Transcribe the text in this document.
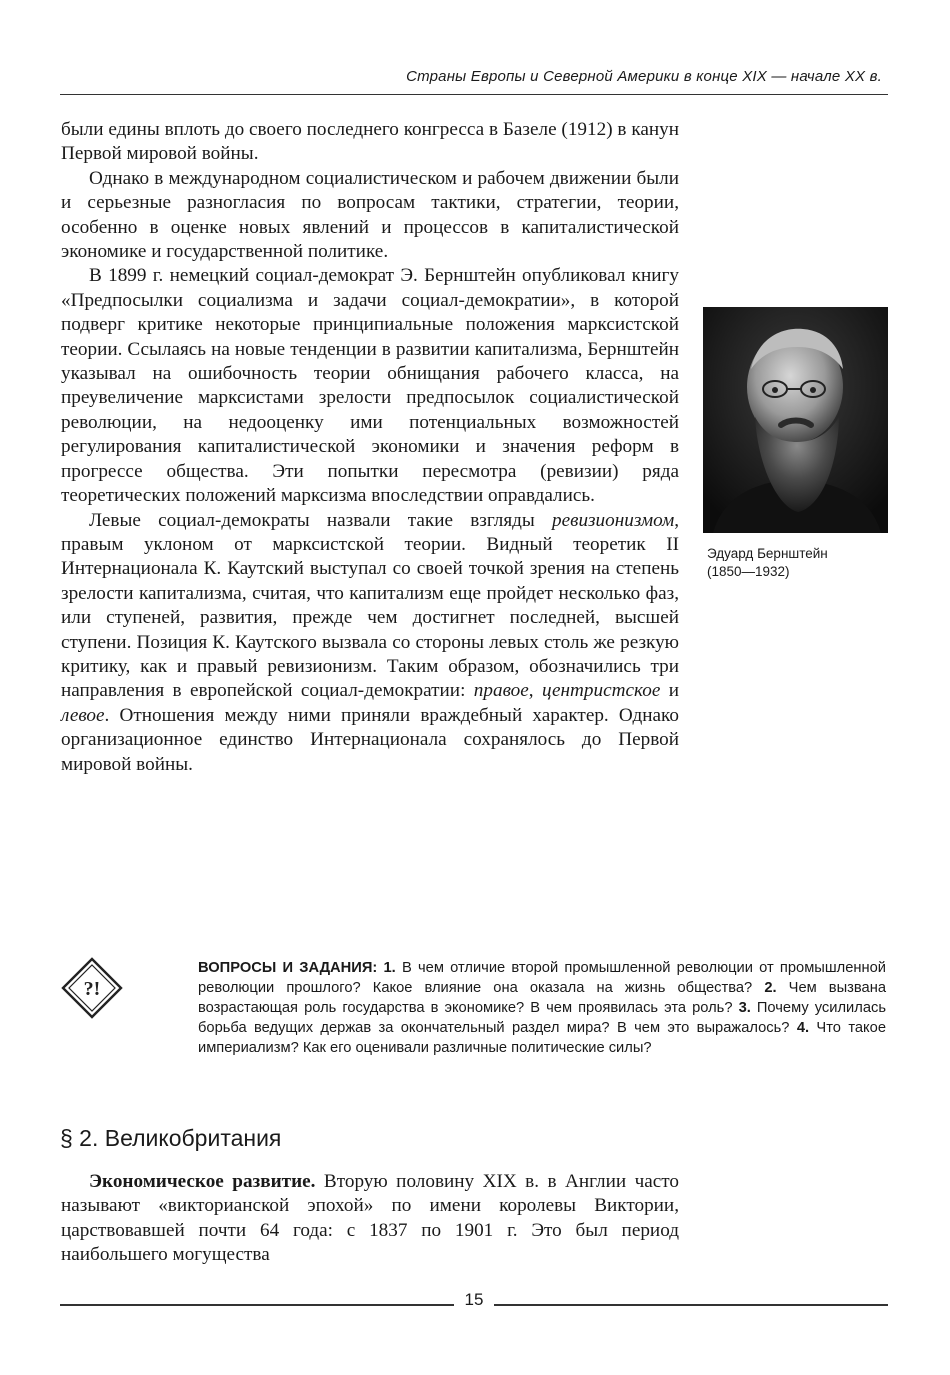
Страны Европы и Северной Америки в конце XIX — начале XX в.

были едины вплоть до своего последнего конгресса в Базеле (1912) в канун Первой мировой войны.

Однако в международном социалистическом и рабочем движении были и серьезные разногласия по вопросам тактики, стратегии, теории, особенно в оценке новых явлений и процессов в капиталистической экономике и государственной политике.

В 1899 г. немецкий социал-демократ Э. Бернштейн опубликовал книгу «Предпосылки социализма и задачи социал-демократии», в которой подверг критике некоторые принципиальные положения марксистской теории. Ссылаясь на новые тенденции в развитии капитализма, Бернштейн указывал на ошибочность теории обнищания рабочего класса, на преувеличение марксистами зрелости предпосылок социалистической революции, на недооценку ими потенциальных возможностей регулирования капиталистической экономики и значения реформ в прогрессе общества. Эти попытки пересмотра (ревизии) ряда теоретических положений марксизма впоследствии оправдались.

Левые социал-демократы назвали такие взгляды ревизионизмом, правым уклоном от марксистской теории. Видный теоретик II Интернационала К. Каутский выступал со своей точкой зрения на степень зрелости капитализма, считая, что капитализм еще пройдет несколько фаз, или ступеней, развития, прежде чем достигнет последней, высшей ступени. Позиция К. Каутского вызвала со стороны левых столь же резкую критику, как и правый ревизионизм. Таким образом, обозначились три направления в европейской социал-демократии: правое, центристское и левое. Отношения между ними приняли враждебный характер. Однако организационное единство Интернационала сохранялось до Первой мировой войны.

Эдуард Бернштейн
(1850—1932)
?!
ВОПРОСЫ И ЗАДАНИЯ: 1. В чем отличие второй промышленной революции от промышленной революции прошлого? Какое влияние она оказала на жизнь общества? 2. Чем вызвана возрастающая роль государства в экономике? В чем проявилась эта роль? 3. Почему усилилась борьба ведущих держав за окончательный раздел мира? В чем это выражалось? 4. Что такое империализм? Как его оценивали различные политические силы?
§ 2. Великобритания

Экономическое развитие. Вторую половину XIX в. в Англии часто называют «викторианской эпохой» по имени королевы Виктории, царствовавшей почти 64 года: с 1837 по 1901 г. Это был период наибольшего могущества

15
